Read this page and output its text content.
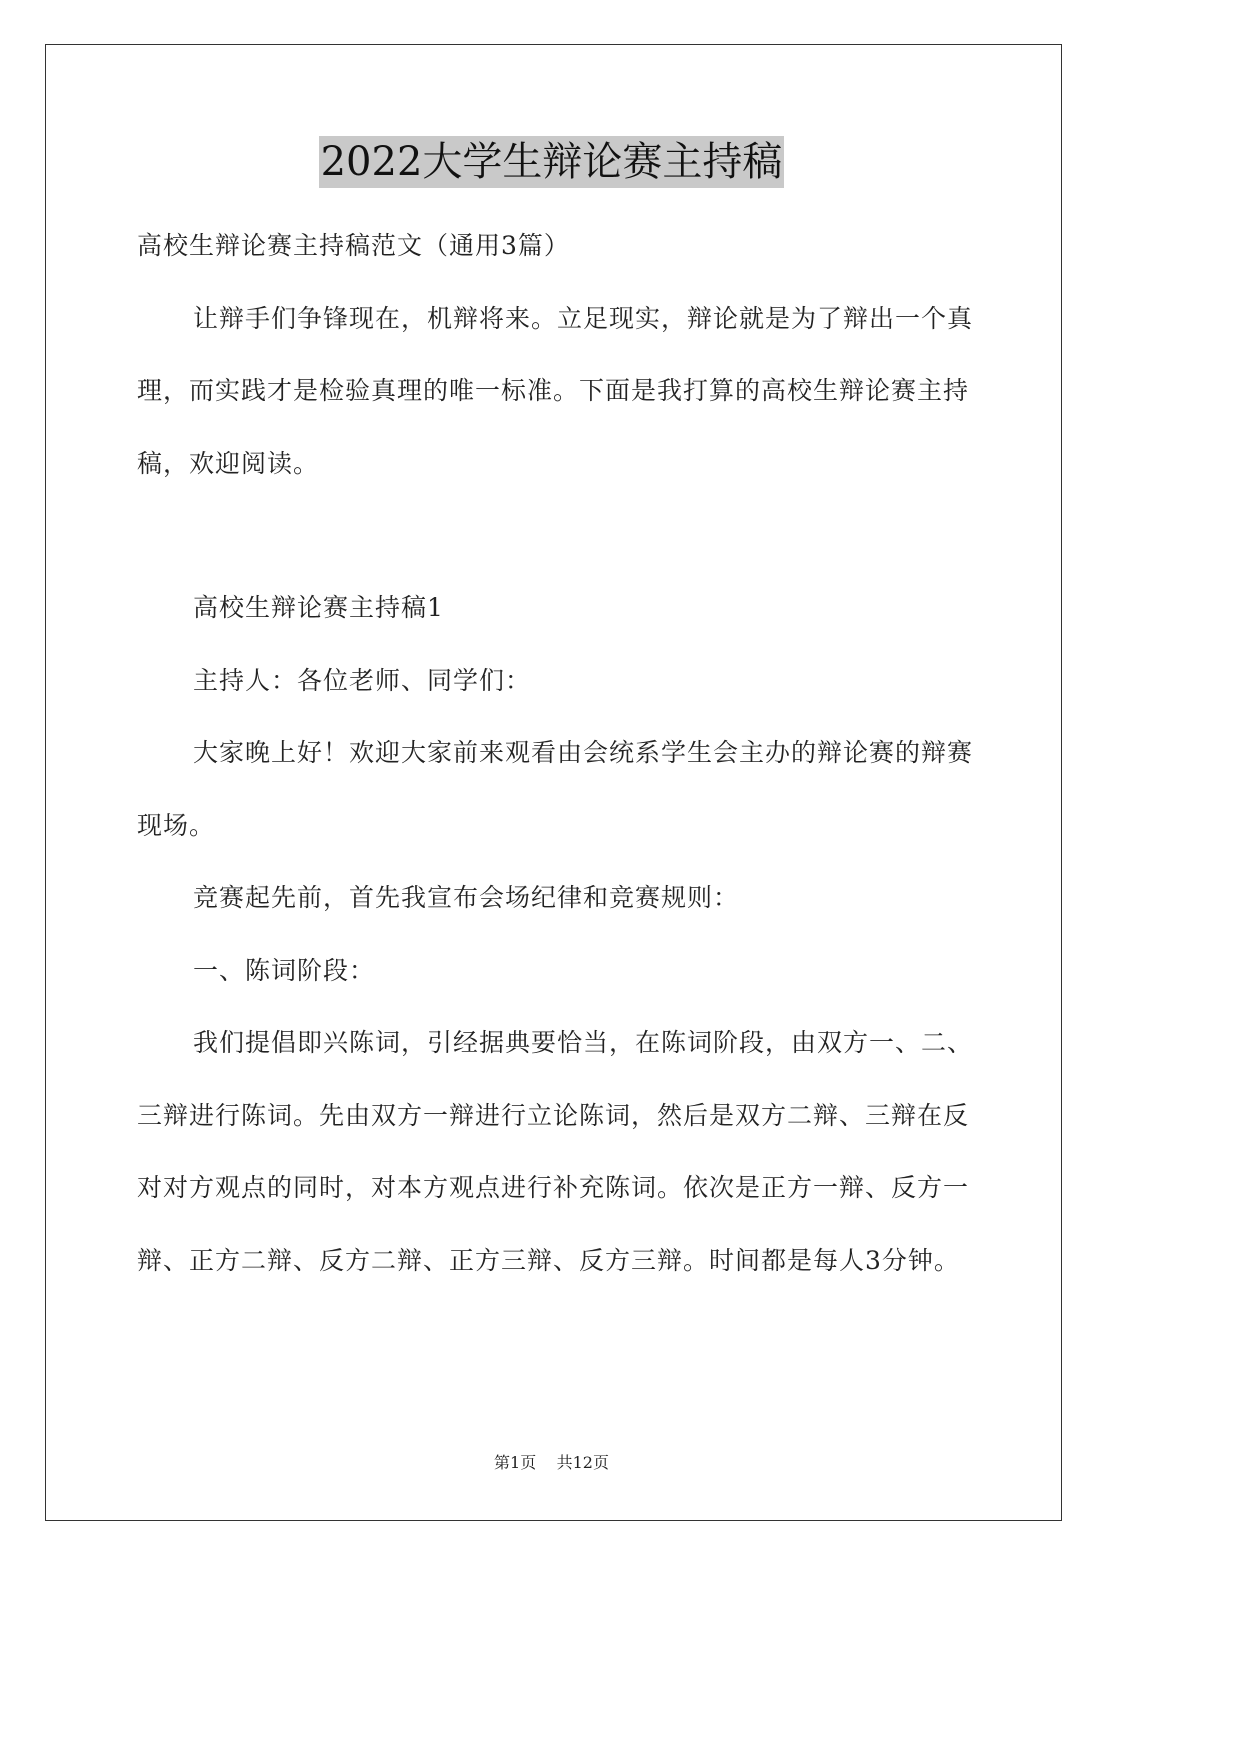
2022大学生辩论赛主持稿

高校生辩论赛主持稿范文（通用3篇）

让辩手们争锋现在，机辩将来。立足现实，辩论就是为了辩出一个真理，而实践才是检验真理的唯一标准。下面是我打算的高校生辩论赛主持稿，欢迎阅读。

高校生辩论赛主持稿1

主持人：各位老师、同学们：

大家晚上好！欢迎大家前来观看由会统系学生会主办的辩论赛的辩赛现场。

竞赛起先前，首先我宣布会场纪律和竞赛规则：

一、陈词阶段：

我们提倡即兴陈词，引经据典要恰当，在陈词阶段，由双方一、二、三辩进行陈词。先由双方一辩进行立论陈词，然后是双方二辩、三辩在反对对方观点的同时，对本方观点进行补充陈词。依次是正方一辩、反方一辩、正方二辩、反方二辩、正方三辩、反方三辩。时间都是每人3分钟。

第1页 共12页
